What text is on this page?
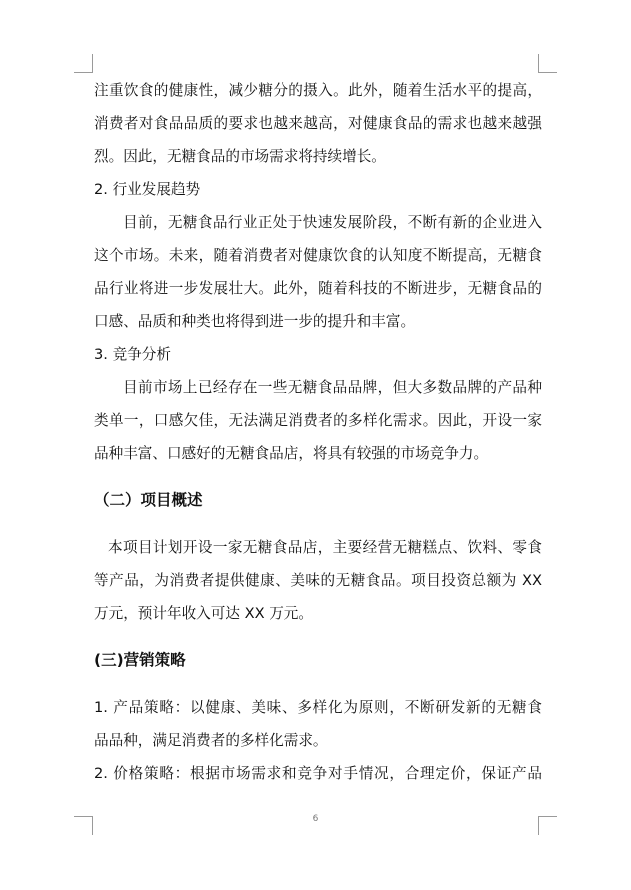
注重饮食的健康性，减少糖分的摄入。此外，随着生活水平的提高，
消费者对食品品质的要求也越来越高，对健康食品的需求也越来越强
烈。因此，无糖食品的市场需求将持续增长。
2. 行业发展趋势
目前，无糖食品行业正处于快速发展阶段，不断有新的企业进入
这个市场。未来，随着消费者对健康饮食的认知度不断提高，无糖食
品行业将进一步发展壮大。此外，随着科技的不断进步，无糖食品的
口感、品质和种类也将得到进一步的提升和丰富。
3. 竞争分析
目前市场上已经存在一些无糖食品品牌，但大多数品牌的产品种
类单一，口感欠佳，无法满足消费者的多样化需求。因此，开设一家
品种丰富、口感好的无糖食品店，将具有较强的市场竞争力。
（二）项目概述
本项目计划开设一家无糖食品店，主要经营无糖糕点、饮料、零食
等产品，为消费者提供健康、美味的无糖食品。项目投资总额为 XX
万元，预计年收入可达 XX 万元。
(三)营销策略
1. 产品策略：以健康、美味、多样化为原则，不断研发新的无糖食
品品种，满足消费者的多样化需求。
2. 价格策略：根据市场需求和竞争对手情况，合理定价，保证产品
6
